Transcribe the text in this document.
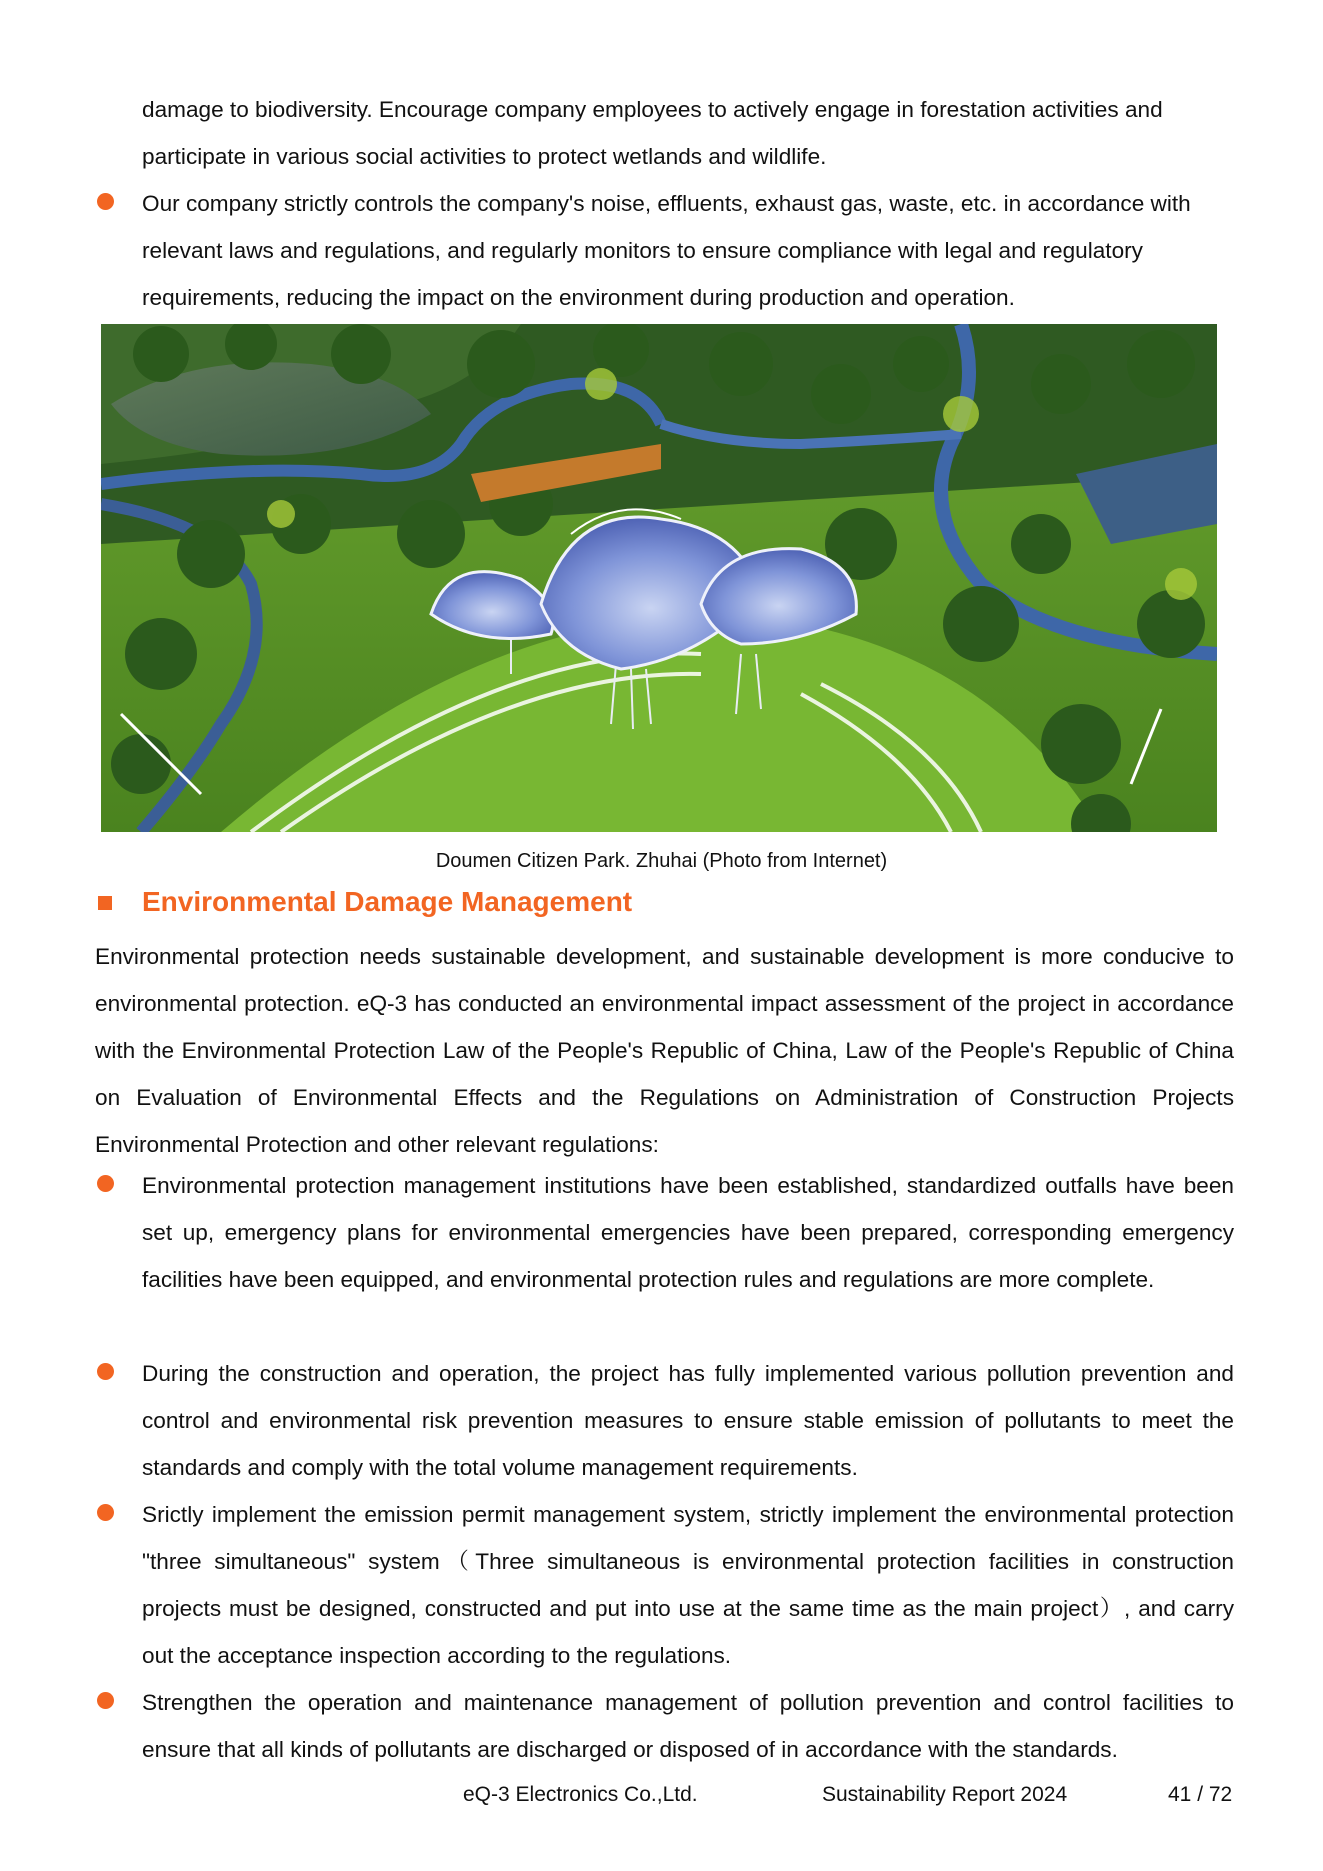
damage to biodiversity. Encourage company employees to actively engage in forestation activities and participate in various social activities to protect wetlands and wildlife.

Our company strictly controls the company's noise, effluents, exhaust gas, waste, etc. in accordance with relevant laws and regulations, and regularly monitors to ensure compliance with legal and regulatory requirements, reducing the impact on the environment during production and operation.

Doumen Citizen Park. Zhuhai (Photo from Internet)

Environmental Damage Management

Environmental protection needs sustainable development, and sustainable development is more conducive to environmental protection. eQ-3 has conducted an environmental impact assessment of the project in accordance with the Environmental Protection Law of the People's Republic of China, Law of the People's Republic of China on Evaluation of Environmental Effects and the Regulations on Administration of Construction Projects Environmental Protection and other relevant regulations:

Environmental protection management institutions have been established, standardized outfalls have been set up, emergency plans for environmental emergencies have been prepared, corresponding emergency facilities have been equipped, and environmental protection rules and regulations are more complete.

During the construction and operation, the project has fully implemented various pollution prevention and control and environmental risk prevention measures to ensure stable emission of pollutants to meet the standards and comply with the total volume management requirements.

Srictly implement the emission permit management system, strictly implement the environmental protection "three simultaneous" system（Three simultaneous is environmental protection facilities in construction projects must be designed, constructed and put into use at the same time as the main project）, and carry out the acceptance inspection according to the regulations.

Strengthen the operation and maintenance management of pollution prevention and control facilities to ensure that all kinds of pollutants are discharged or disposed of in accordance with the standards.

eQ-3 Electronics Co.,Ltd.	Sustainability Report 2024	41 / 72
